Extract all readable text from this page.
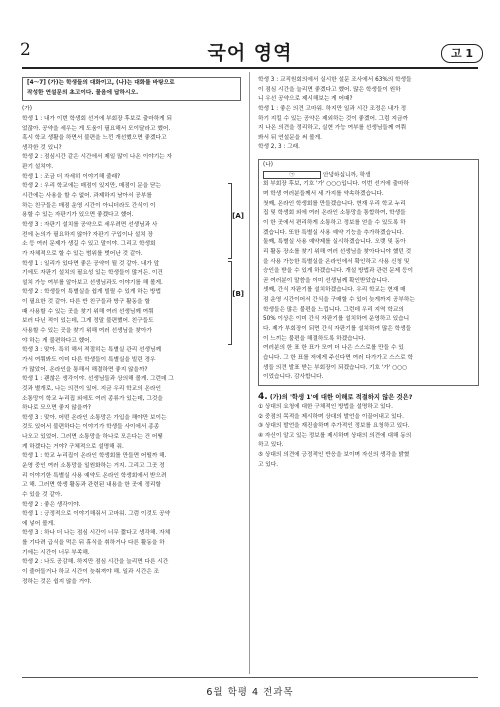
2	국어 영역	고 1
[4～7] (가)는 학생들의 대화이고, (나)는 대화를 바탕으로
작성한 연설문의 초고이다. 물음에 답하시오.
(가)
학생 1 : 내가 이번 학생회 선거에 부회장 후보로 출마하게 되
었잖아. 공약을 세우는 게 도움이 필요해서 모이달라고 했어.
혹시 학교 생활을 하면서 불편을 느낀 개선했으면 좋겠다고
생각한 것 있니?
학생 2 : 점심시간 같은 시간에서 제일 많이 나온 이야기는 자
판기 설치야.
학생 1 : 조금 더 자세히 이야기해 줄래?
학생 2 : 우리 학교에는 매점이 있지만, 매점이 문을 닫는
시간에는 사용을 할 수 없어. 과제하지 남아서 공부를
하는 친구들은 매점 운영 시간이 아니더라도 간식이 이
용할 수 있는 자판기가 있으면 좋겠다고 했어.
학생 3 : 자판기 설치를 공약으로 세우려면 선생님과 사
전에 논의가 필요하지 않아? 자판기 구입이나 설치 장
소 등 여러 문제가 생길 수 있고 말이야. 그리고 학생회
가 자체적으로 할 수 있는 범위를 벗어난 것 같아.
[A]
학생 1 : 일리가 있다면 좋은 공약이 될 것 같아. 내가 앞
기에도 자판기 설치의 필요성 있는 학생들이 많거든. 이건
설치 가능 여부를 알아보고 선생님과도 이야기를 해 볼게.
학생 2 : 학생들이 특별실을 쉽게 빌릴 수 있게 하는 방법
이 필요한 것 같아. 다른 반 친구들과 방구 활동을 할
때 사용할 수 있는 곳을 찾기 위해 여러 선생님께 여쭤
보러 다닌 적이 있는데, 그게 정말 불편했어. 친구들도
사용할 수 있는 곳을 찾기 위해 여러 선생님을 찾아가
야 하는 게 불편하다고 했어.
[B]
학생 3 : 맞아. 특히 해서 적절히는 특별실 관리 선생님께
가서 여쭤봐도 이미 다른 학생들이 특별실을 빌린 경우
가 많았어. 온라인을 통해서 해결하면 좋지 않을까?
학생 1 : 괜찮은 생각이야. 선생님들과 상의해 볼게. 그런데 그
것과 별개로, 나는 의견이 있어. 지금 우리 학교의 온라인
소통망이 학교 누리집 외에도 여러 종류가 있는데, 그것을
하나로 모으면 좋지 않을까?
학생 3 : 맞아. 어떤 온라인 소통망은 가입을 해야만 보이는
것도 있어서 불편하다는 이야기가 학생들 사이에서 종종
나오고 있었어. 그러면 소통망을 하나로 모은다는 건 어떻
게 하겠다는 거야? 구체적으로 설명해 줘.
학생 1 : 학교 누리집이 온라인 학생회를 만들면 어떨까 해.
운영 중인 여러 소통망을 일원화하는 거지. 그리고 그곳 정
리 이야기한 특별실 사용 예약도 온라인 학생회에서 받으려
고 해. 그러면 학생 활동과 관련된 내용을 한 곳에 정리할
수 있을 것 같아.
학생 2 : 좋은 생각이야.
학생 1 : 긍정적으로 이야기해줘서 고마워. 그럼 이것도 공약
에 넣어 볼게.
학생 3 : 하나 더 나는 점심 시간이 너무 짧다고 생각해. 자체
를 기다려 급식을 먹은 뒤 휴식을 취하거나 다른 활동을 하
기에는 시간이 너무 부족해.
학생 2 : 나도 공감해. 하지만 점심 시간을 늘리면 다른 시간
이 줄어들거나 하교 시간이 늦춰져야 해. 일과 시간은 조
정하는 것은 쉽지 않을 거야.
학생 3 : 교직원회의에서 실시한 설문 조사에서 63%의 학생들
이 점심 시간을 늘리면 좋겠다고 했어. 많은 학생들이 원하
니 우선 공약으로 제시해보는 게 어때?
학생 1 : 좋은 의견 고마워. 하지만 일과 시간 조정은 내가 정
하기 지킬 수 있는 공약은 제외하는 것이 좋겠어. 그럼 지금까
지 나온 의견을 정리하고, 실현 가능 여부를 선생님들께 여쭤
봐서 뒤 연설문을 써 볼게.
학생 2, 3 : 그래.
(나)
㉠	안녕하십니까, 학생
회 부회장 후보, 기호 '가' ○○○입니다. 이번 선거에 출마하
며 학생 여러분들께서 세 가지를 약속하겠습니다.
첫째, 온라인 학생회를 만들겠습니다. 현재 우리 학교 누리
집 및 학생회 외에 여러 온라인 소통망을 통합하여, 학생들
이 한 곳에서 편리하게 소통하고 정보를 얻을 수 있도록 하
겠습니다. 또한 특별실 사용 예약 기능을 추가하겠습니다.
둘째, 특별실 사용 예약제를 실시하겠습니다. 오랫 및 동아
리 활동 장소를 찾기 위해 여러 선생님을 찾아다니야 했던 것
을 사용 가능한 특별실을 온라인에서 확인하고 사용 신청 및
승인을 받을 수 있게 하겠습니다. 개설 방법과 관련 문제 등이
곧 여러분이 말씀을 이미 선생님께 확인받았습니다.
셋째, 간식 자판기를 설치하겠습니다. 우리 학교는 현재 매
점 운영 시간이어서 간식을 구매할 수 있어 늦게까지 공부하는
학생들은 많은 불편을 느낍니다. 그런데 우리 지역 학교의
50% 이상은 이미 간식 자판기를 설치하여 운영하고 있습니
다. 제가 부회장이 되면 간식 자판기를 설치하여 많은 학생들
이 느끼는 불편을 해결하도록 하겠습니다.
여러분의 한 표 한 표가 모여 더 나은 스스로를 만들 수 있
습니다. 그 한 표를 저에게 주신다면 여러 다가가고 스스로 학
생들 의견 발표 받는 부회장이 되겠습니다. 기호 '가' ○○○
이었습니다. 감사합니다.
4. (가)의 '학생 1'에 대한 이해로 적절하지 않은 것은?
① 상대의 요청에 대한 구체적인 방법을 설명하고 있다.
② 중점의 목적을 제시하며 상대의 발언을 이끌어내고 있다.
③ 상대의 발언을 재진술하며 추가적인 정보를 요청하고 있다.
④ 자신이 알고 있는 정보를 제시하며 상대의 의견에 대해 동의
하고 있다.
⑤ 상대의 의견에 긍정적인 반응을 보이며 자신의 생각을 밝혔
고 있다.
6월 학평 4 전과목
